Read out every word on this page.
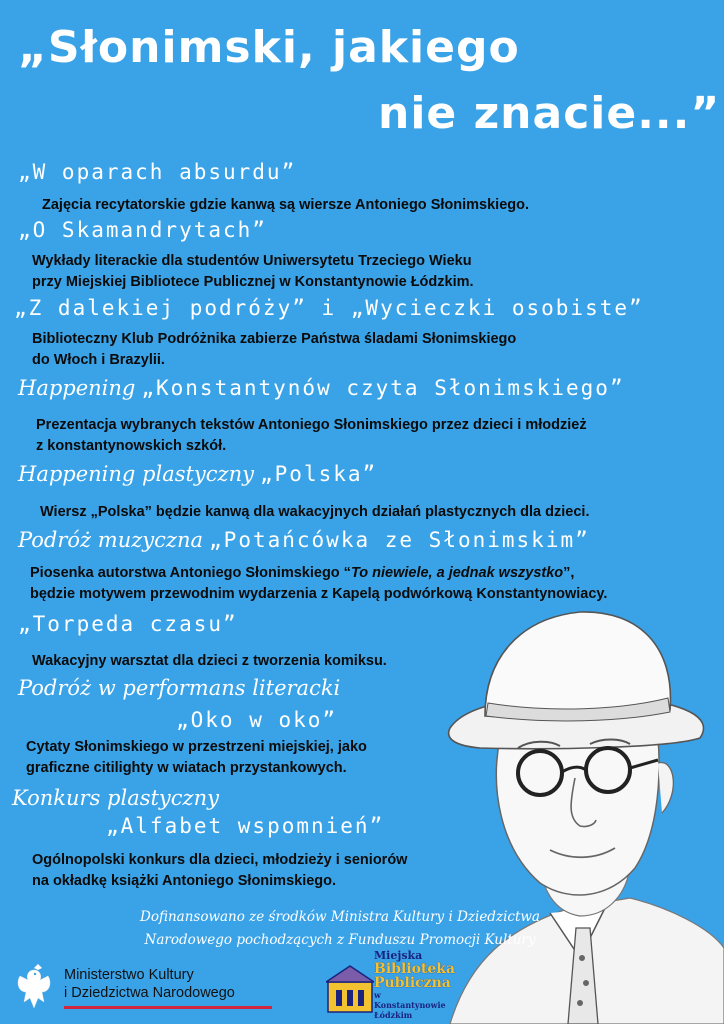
„Słonimski, jakiego
nie znacie...”
„W oparach absurdu”
Zajęcia recytatorskie gdzie kanwą są wiersze Antoniego Słonimskiego.
„O Skamandrytach”
Wykłady literackie dla studentów Uniwersytetu Trzeciego Wieku
przy Miejskiej Bibliotece Publicznej w Konstantynowie Łódzkim.
„Z dalekiej podróży” i „Wycieczki osobiste”
Biblioteczny Klub Podróżnika zabierze Państwa śladami Słonimskiego
do Włoch i Brazylii.
Happening „Konstantynów czyta Słonimskiego”
Prezentacja wybranych tekstów Antoniego Słonimskiego przez dzieci i młodzież
z konstantynowskich szkół.
Happening plastyczny „Polska”
Wiersz „Polska” będzie kanwą dla wakacyjnych działań plastycznych dla dzieci.
Podróż muzyczna „Potańcówka ze Słonimskim”
Piosenka autorstwa Antoniego Słonimskiego “To niewiele, a jednak wszystko”,
będzie motywem przewodnim wydarzenia z Kapelą podwórkową Konstantynowiacy.
„Torpeda czasu”
Wakacyjny warsztat dla dzieci z tworzenia komiksu.
Podróż w performans literacki
„Oko w oko”
Cytaty Słonimskiego w przestrzeni miejskiej, jako
graficzne citilighty w wiatach przystankowych.
Konkurs plastyczny
„Alfabet wspomnień”
Ogólnopolski konkurs dla dzieci, młodzieży i seniorów
na okładkę książki Antoniego Słonimskiego.
Dofinansowano ze środków Ministra Kultury i Dziedzictwa
Narodowego pochodzących z Funduszu Promocji Kultury
Ministerstwo Kultury
i Dziedzictwa Narodowego
Miejska
Biblioteka
Publiczna
w Konstantynowie Łódzkim
